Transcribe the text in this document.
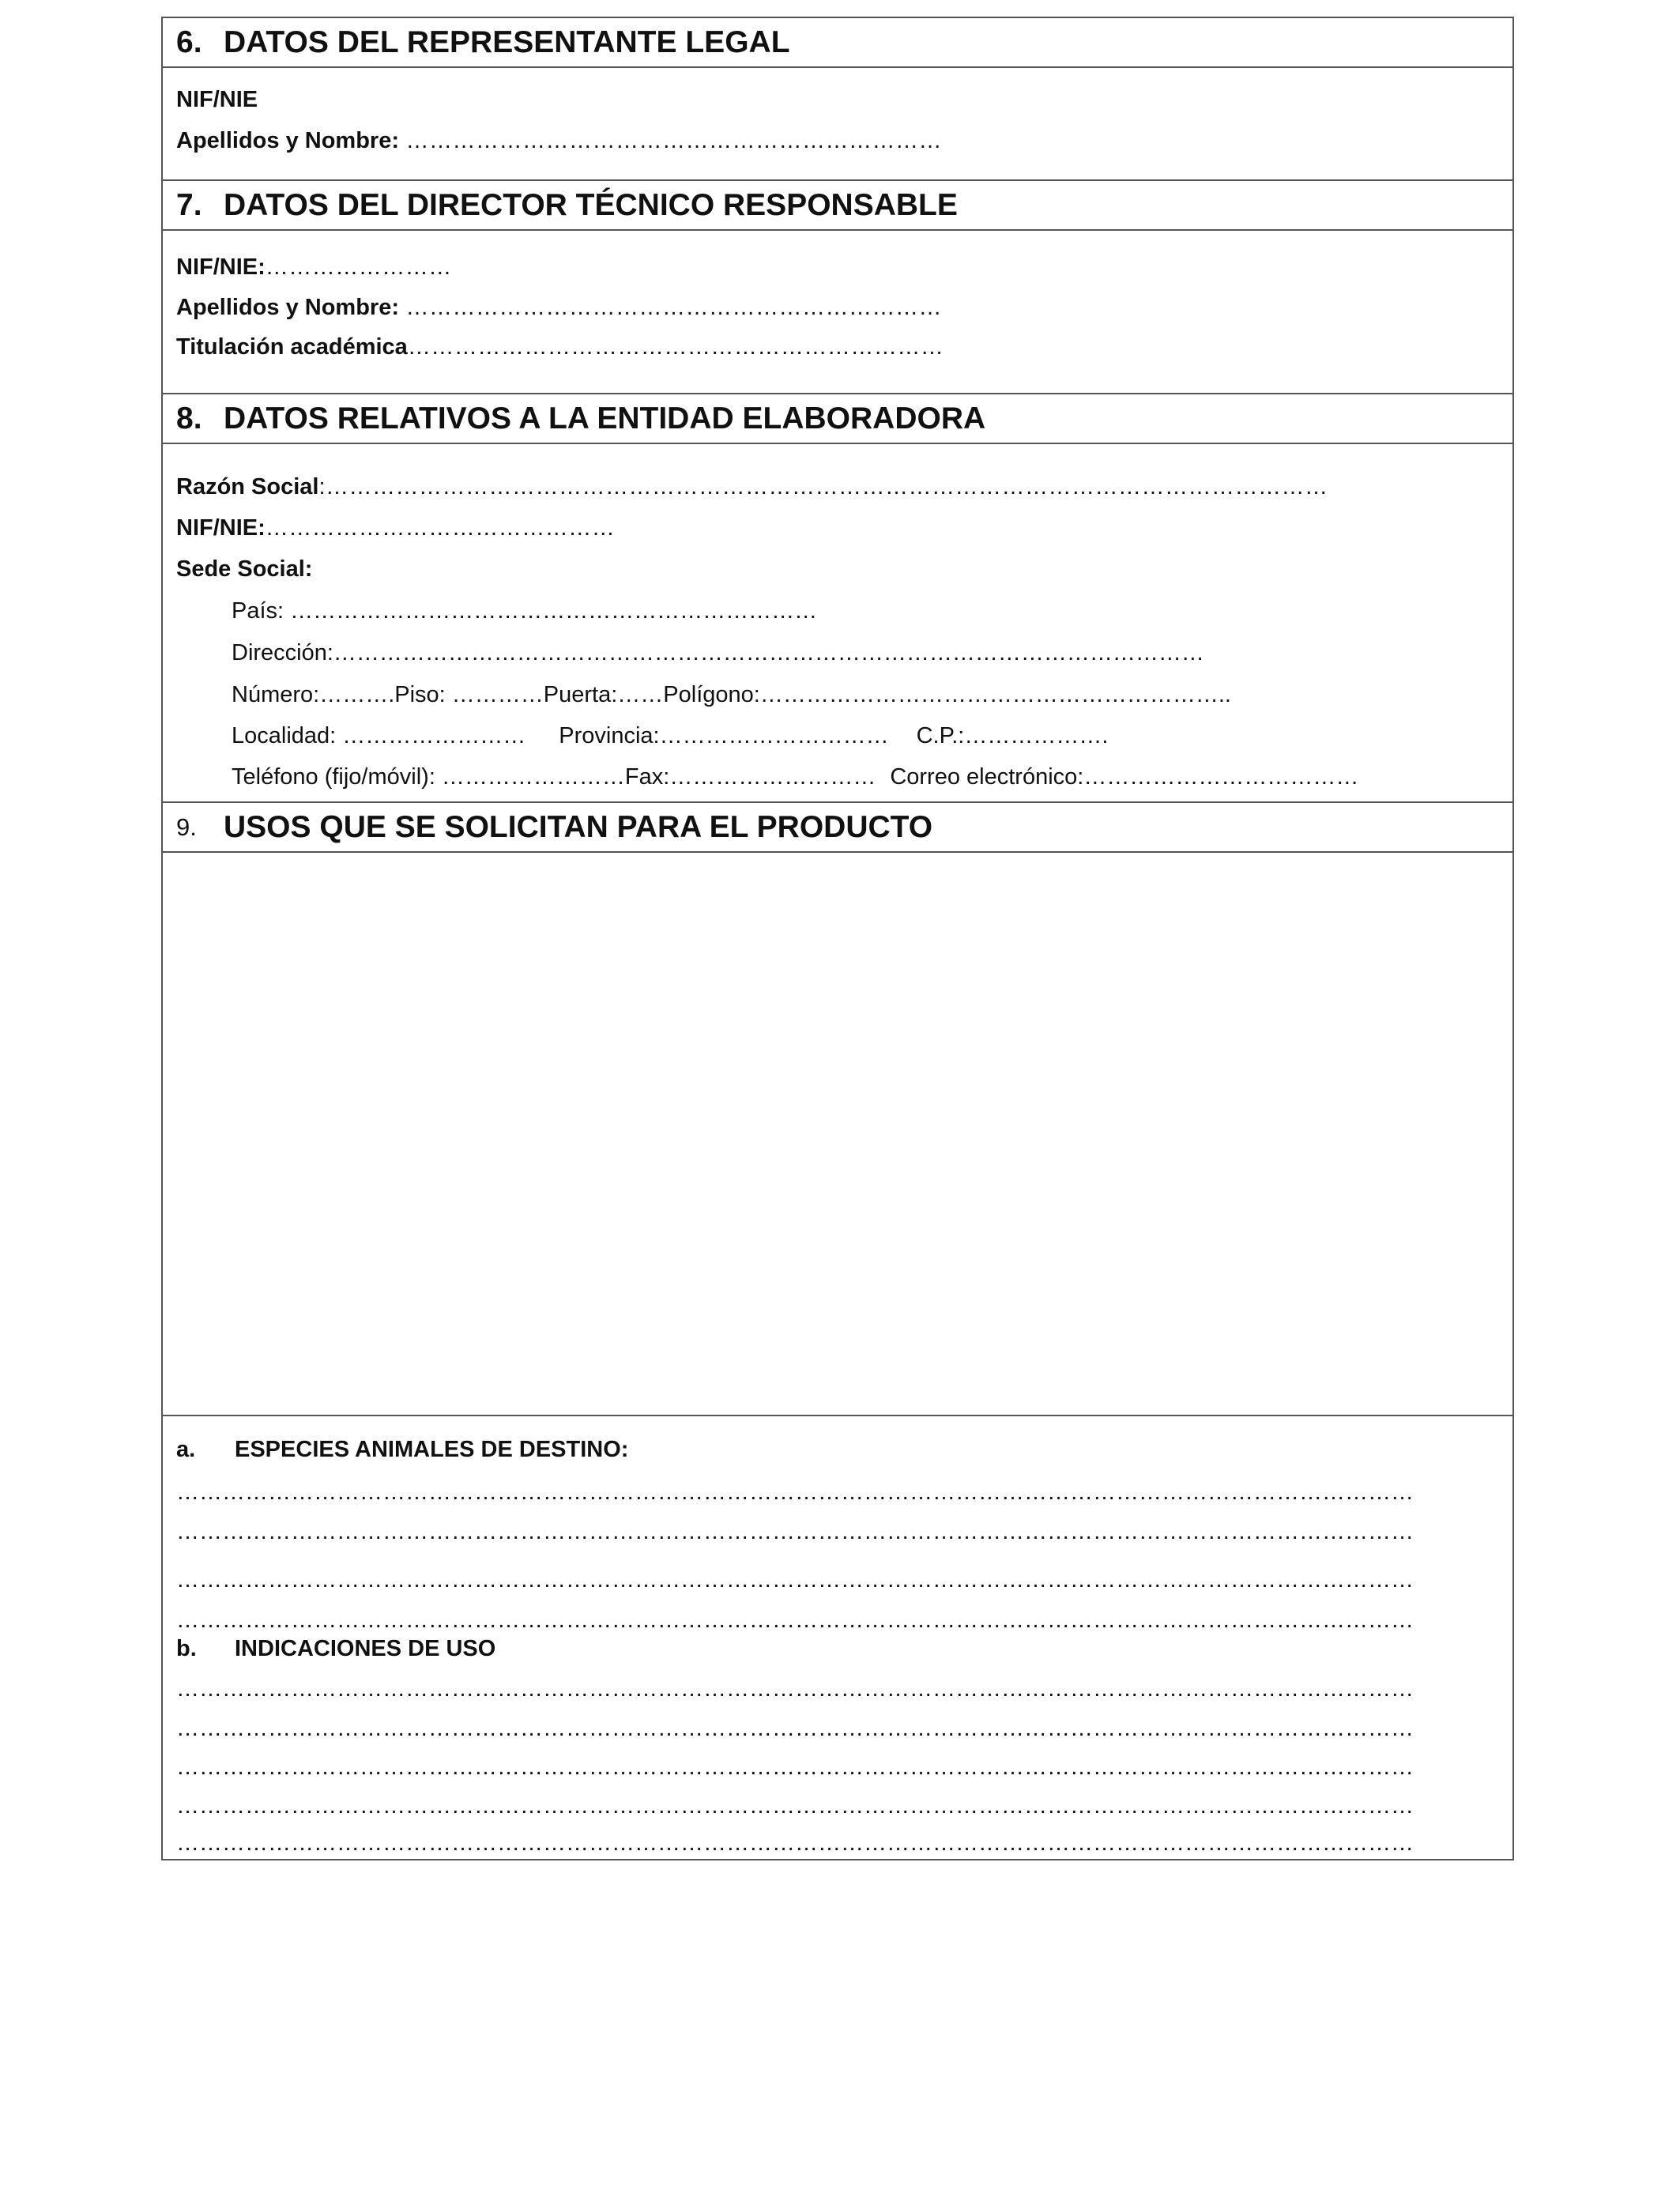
6. DATOS DEL REPRESENTANTE LEGAL
NIF/NIE
Apellidos y Nombre: ……………………………………………………………
7. DATOS DEL DIRECTOR TÉCNICO RESPONSABLE
NIF/NIE:……………………
Apellidos y Nombre: ……………………………………………………………
Titulación académica……………………………………………………………
8. DATOS RELATIVOS A LA ENTIDAD ELABORADORA
Razón Social:…………………………………………………………………………………………………………………
NIF/NIE:………………………………………
Sede Social:
País: ……………………………………………………………
Dirección:……………………………………………………………………………………………………
Número:……….Piso: …………Puerta:……Polígono:……………………………………………………..
Localidad: …………………… Provincia:………………………… C.P.:……………….
Teléfono (fijo/móvil): ……………………Fax:……………………… Correo electrónico:………………………………
9. USOS QUE SE SOLICITAN PARA EL PRODUCTO
a. ESPECIES ANIMALES DE DESTINO:
………………………………………………………………………………………………………………………………………………
………………………………………………………………………………………………………………………………………………
………………………………………………………………………………………………………………………………………………
………………………………………………………………………………………………………………………………………………
b. INDICACIONES DE USO
………………………………………………………………………………………………………………………………………………
………………………………………………………………………………………………………………………………………………
………………………………………………………………………………………………………………………………………………
………………………………………………………………………………………………………………………………………………
………………………………………………………………………………………………………………………………………………
